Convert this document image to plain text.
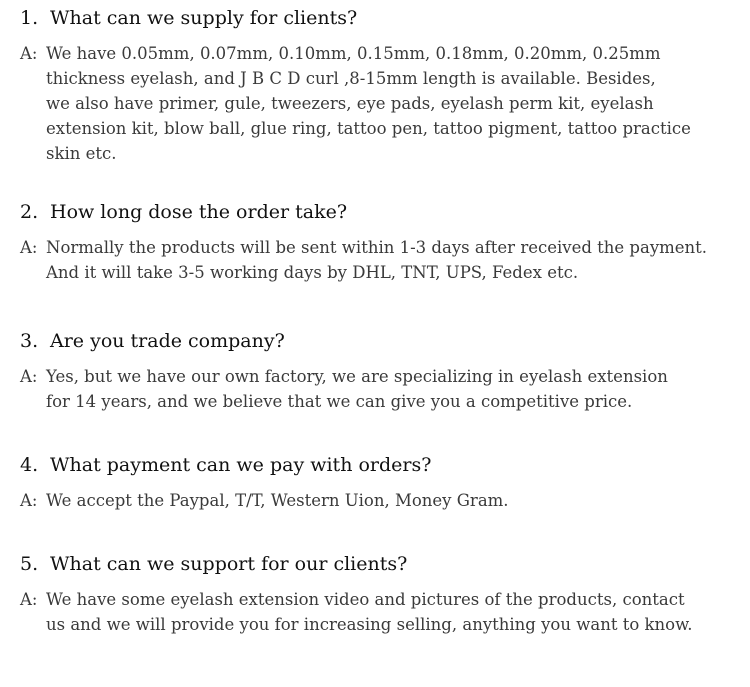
1. What can we supply for clients?
A: We have 0.05mm, 0.07mm, 0.10mm, 0.15mm, 0.18mm, 0.20mm, 0.25mm
thickness eyelash, and J B C D curl ,8-15mm length is available. Besides,
we also have primer, gule, tweezers, eye pads, eyelash perm kit, eyelash
extension kit, blow ball, glue ring, tattoo pen, tattoo pigment, tattoo practice
skin etc.
2. How long dose the order take?
A: Normally the products will be sent within 1-3 days after received the payment.
And it will take 3-5 working days by DHL, TNT, UPS, Fedex etc.
3. Are you trade company?
A: Yes, but we have our own factory, we are specializing in eyelash extension
for 14 years, and we believe that we can give you a competitive price.
4. What payment can we pay with orders?
A: We accept the Paypal, T/T, Western Uion, Money Gram.
5. What can we support for our clients?
A: We have some eyelash extension video and pictures of the products, contact
us and we will provide you for increasing selling, anything you want to know.
